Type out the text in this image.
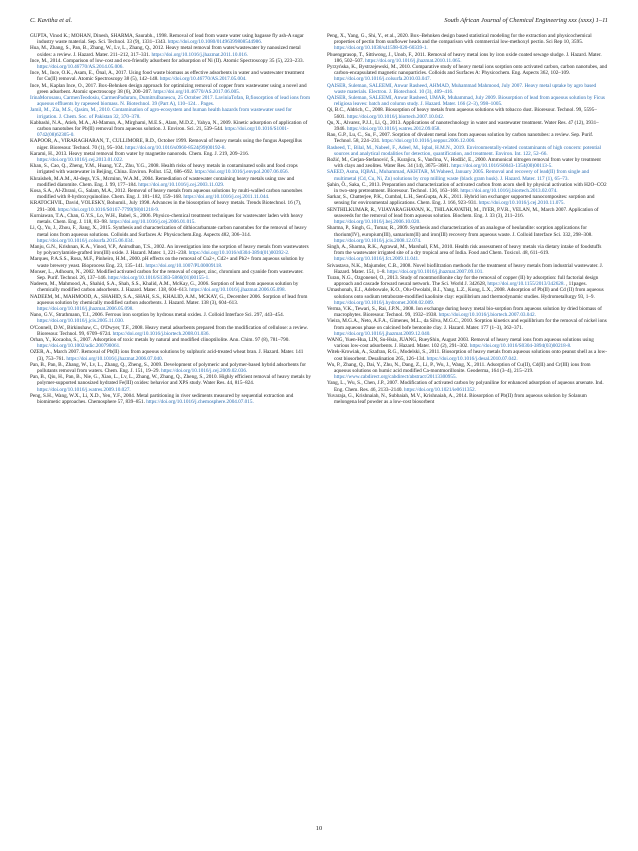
C. Kavitha et al.	South African Journal of Chemical Engineering xxx (xxxx) 1–11

GUPTA, Vinod K.; MOHAN, Dinesh, SHARMA, Saurabh., 1998. Removal of lead from waste water using bagasse fly ash-A sugar industry waste material. Sep. Sci. Technol. 33 (9), 1331–1343. https://doi.org/10.1080/01496399808544986.

Hua, M., Zhang, S., Pan, B., Zhang, W., Lv, L., Zhang, Q., 2012. Heavy metal removal from water/wastewater by nanosized metal oxides: a review. J. Hazard. Mater. 211–212, 317–331. https://doi.org/10.1016/j.jhazmat.2011.10.016.

Ince, M., 2014. Comparison of low-cost and eco-friendly adsorbent for adsorption of Ni (II). Atomic Spectroscopy 35 (5), 223–233. https://doi.org/10.46770/AS.2014.05.006.

Ince, M., Ince, O.K., Asam, E., Önal, A., 2017. Using food waste biomass as effective adsorbents in water and wastewater treatment for Cu(II) removal. Atomic Spectroscopy 38 (5), 142–148. https://doi.org/10.46770/AS.2017.05.004.

Ince, M., Kaplan Ince, O., 2017. Box-Behnken design approach for optimizing removal of copper from wastewater using a novel and green adsorbent. Atomic spectroscopy 38 (6), 200–207. https://doi.org/10.46770/AS.2017.06.005.

IrinaMorosanu, CarmenTeodosiu, CarmenPaduraru, DumitruIbanescu, 25 October 2017. LaviniaTofan, B,fiosorption of lead ions from aqueous effluents by rapeseed biomass. N. Biotechnol. 39 (Part A), 110–124. . Pages.

Jamil, M., Zia, M.S., Qasim, M., 2010. Contamination of agro-ecosystem and human health hazards from wastewater used for irrigation. J. Chem. Soc. of Pakistan 32, 370–378.

Kabbashi, N.A., Atieh, M.A., Al-Mamun, A., Mirghami, M.E.S., Alam, M.D.Z., Yahya, N., 2009. Kinetic adsorption of application of carbon nanotubes for Pb(II) removal from aqueous solution. J. Environ. Sci. 21, 539–544. https://doi.org/10.1016/S1001-0742(08)62305-0.

KAPOOR, A., VIRARAGHARAN, T., CULLIMORE, R.D., October 1999. Removal of heavy metals using the fungus Aspergillus niger. Bioresour. Technol. 70 (1), 95–104. https://doi.org/10.1016/s0960-8524(99)00192-8.

Karami, H., 2013. Heavy metal removal from water by magnetite nanorods. Chem. Eng. J. 219, 209–216. https://doi.org/10.1016/j.cej.2013.01.022.

Khan, S., Cao, Q., Zheng, Y.M., Huang, Y.Z., Zhu, Y.G., 2008. Health risks of heavy metals in contaminated soils and food crops irrigated with wastewater in Beijing, China. Environ. Pollut. 152, 686–692. https://doi.org/10.1016/j.envpol.2007.06.056.

Khraisheh, M.A.M., Al-degs, Y.S., Mcminn, W.A.M., 2004. Remediation of wastewater containing heavy metals using raw and modified diatomite. Chem. Eng. J. 99, 177–184. https://doi.org/10.1016/j.cej.2003.11.029.

Kosa, S.A., Al-Zhrani, G., Salam, M.A., 2012. Removal of heavy metals from aqueous solutions by multi-walled carbon nanotubes modified with 8-hydroxyquinoline. Chem. Eng. J. 181–182, 159–168. https://doi.org/10.1016/j.cej.2011.11.044.

KRATOCHVIL, David, VOLESKY, Bohumil., July 1998. Advances in the biosorption of heavy metals. Trends Biotechnol. 16 (7), 291–300. https://doi.org/10.1016/S0167-7799(98)01218-9.

Kurniawan, T.A., Chan, G.Y.S., Lo, W.H., Babel, S., 2006. Physico-chemical treatment techniques for wastewater laden with heavy metals. Chem. Eng. J. 118, 83–98. https://doi.org/10.1016/j.cej.2006.01.015.

Li, Q., Yu, J., Zhou, F., Jiang, X., 2015. Synthesis and characterization of dithiocarbamate carbon nanotubes for the removal of heavy metal ions from aqueous solutions. Colloids and Surfaces A: Physicochem.Eng. Aspects 482, 306–314. https://doi.org/10.1016/j.colsurfa.2015.06.034.

Manju, G.N., Krishnan, K.A., Vinod, V.P., Anirudhan, T.S., 2002. An investigation into the sorption of heavy metals from wastewaters by polyacrylamide-grafted iron(III) oxide. J. Hazard. Mater. 1, 221–238. https://doi.org/10.1016/s0304-3894(01)00392-2.

Marques, P.A.S.S., Rosa, M.F., Pinheiro, H.M., 2000. pH effects on the removal of Cu2+, Cd2+ and Pb2+ from aqueous solution by waste brewery yeast. Bioprocess Eng. 23, 135–141. https://doi.org/10.1007/PL00009118.

Monser, L., Adhoum, N., 2002. Modified activated carbon for the removal of copper, zinc, chromium and cyanide from wastewater. Sep. Purif. Technol. 26, 137–146. https://doi.org/10.1016/S1383-5866(01)00155-1.

Nadeem, M., Mahmood, A., Shahid, S.A., Shah, S.S., Khalid, A.M., McKay, G., 2006. Sorption of lead from aqueous solution by chemically modified carbon adsorbents. J. Hazard. Mater. 138, 604–613. https://doi.org/10.1016/j.jhazmat.2006.05.098.

NADEEM, M., MAHMOOD, A., SHAHID, S.A., SHAH, S.S., KHALID, A.M., MCKAY, G., December 2006. Sorption of lead from aqueous solution by chemically modified carbon adsorbents. J. Hazard. Mater. 138 (3), 604–613. https://doi.org/10.1016/j.jhazmat.2006.05.098.

Nano, G.V., Strathmann, T.J., 2006. Ferrous iron sorption by hydrous metal oxides. J. Colloid Interface Sci. 297, 443–454. https://doi.org/10.1016/j.jcis.2005.11.030.

O'Connell, D.W., Birkinshaw, C., O'Dwyer, T.F., 2008. Heavy metal adsorbents prepared from the modification of cellulose: a review. Bioresour. Technol. 99, 6709–6724. https://doi.org/10.1016/j.biortech.2008.01.036.

Orhan, Y., Kocaoba, S., 2007. Adsorption of toxic metals by natural and modified clinoptilolite. Ann. Chim. 97 (8), 781–790. https://doi.org/10.1002/adic.200790061.

OZER, A., March 2007. Removal of Pb(II) ions from aqueous solutions by sulphuric acid-treated wheat bran. J. Hazard. Mater. 141 (3), 753–761. https://doi.org/10.1016/j.jhazmat.2006.07.040.

Pan, B., Pan, B., Zhang, W., Lv, L., Zhang, Q., Zheng, S., 2009. Development of polymeric and polymer-based hybrid adsorbents for pollutants removal from waters. Chem. Eng. J. 151, 19–29. https://doi.org/10.1016/j.cej.2009.02.036.

Pan, B., Qiu, H., Pan, B., Nie, G., Xiao, L., Lv, L., Zhang, W., Zhang, Q., Zheng, S., 2010. Highly efficient removal of heavy metals by polymer-supported nanosized hydrated Fe(III) oxides: behavior and XPS study. Water Res. 44, 815–824. https://doi.org/10.1016/j.watres.2009.10.027.

Peng, S.H., Wang, W.X., Li, X.D., Yen, Y.F., 2004. Metal partitioning in river sediments measured by sequential extraction and biomimetic approaches. Chemosphere 57, 839–851. https://doi.org/10.1016/j.chemosphere.2004.07.015.

Peng, X., Yang, G., Shi, Y., et al., 2020. Box–Behnken design based statistical modeling for the extraction and physicochemical properties of pectin from sunflower heads and the comparison with commercial low-methoxyl pectin. Sci Rep 10, 3595. https://doi.org/10.1038/s41598-020-60339-1.

Phuengprasop, T., Sittiwong, J., Unob, F., 2011. Removal of heavy metal ions by iron oxide coated sewage sludge. J. Hazard. Mater. 186, 502–507. https://doi.org/10.1016/j.jhazmat.2010.11.065.

Pyrzyńska, K., Bystrzejewski, M., 2010. Comparative study of heavy metal ions sorption onto activated carbon, carbon nanotubes, and carbon-encapsulated magnetic nanoparticles. Colloids and Surfaces A: Physicochem. Eng. Aspects 362, 102–109. https://doi.org/10.1016/j.colsurfa.2010.03.047.

QAISER, Suleman, SALEEMI, Anwar Rasheed, AHMAD, Muhammad Mahmood, July 2007. Heavy metal uptake by agro based waste materials. Electron. J. Biotechnol. 10 (3), 409–416.

QAISER, Suleman, SALEEMI, Anwar Rasheed, UMAR, Muhammad, July 2009. Biosorption of lead from aqueous solution by Ficus religiosa leaves: batch and column study. J. Hazard. Mater. 166 (2–3), 998–1005.

Qi, B.C., Aldrich, C., 2008. Biosorption of heavy metals from aqueous solutions with tobacco dust. Bioresour. Technol. 99, 5595–5601. https://doi.org/10.1016/j.biortech.2007.10.042.

Qu, X., Alvarez, P.J.J., Li, Q., 2013. Applications of nanotechnology in water and wastewater treatment. Water Res. 47 (12), 3931–3946. https://doi.org/10.1016/j.watres.2012.09.058.

Rao, G.P., Lu, C., Su, F., 2007. Sorption of divalent metal ions from aqueous solution by carbon nanotubes: a review. Sep. Purif. Technol. 58, 224–231. https://doi.org/10.1016/j.seppur.2006.12.006.

Rasheed, T., Bilal, M., Nabeel, F., Adeel, M., Iqbal, H.M.N., 2019. Environmentally-related contaminants of high concern: potential sources and analytical modalities for detection, quantification, and treatment. Environ. Int. 122, 52–66.

Rožić, M., Cerjan-Stefanović, Š., Kurajica, S., Vančina, V., Hodžić, E., 2000. Ammonical nitrogen removal from water by treatment with clays and zeolites. Water Res. 34 (14), 3675–3681. https://doi.org/10.1016/S0043-1354(00)00113-5.

SAEED, Asma, IQBAL, Muhammad, AKHTAR, M.Waheed, January 2005. Removal and recovery of lead(II) from single and multimetal (Cd, Cu, Ni, Zn) solutions by crop milling waste (black gram husk). J. Hazard. Mater. 117 (1), 65–73.

Şahin, Ö., Saka, C., 2013. Preparation and characterization of activated carbon from acorn shell by physical activation with H2O–CO2 in two-step pretreatment. Bioresour. Technol. 136, 163–168. https://doi.org/10.1016/j.biortech.2013.02.074.

Sarkar, S., Chatterjee, P.K., Cumbal, L.H., SenGupta, A.K., 2011. Hybrid ion exchanger supported nanocomposites: sorption and sensing for environmental applications. Chem. Eng. J. 166, 923–931. https://doi.org/10.1016/j.cej.2010.11.075.

SENTHILKUMAR, R., VIJAYARAGHAVAN, K., THILAKAVATHI, M., IYER, P.V.R., VELAN, M., March 2007. Application of seaweeds for the removal of lead from aqueous solution. Biochem. Eng. J. 33 (3), 211–216. https://doi.org/10.1016/j.bej.2006.10.020.

Sharma, P., Singh, G., Tomar, R., 2009. Synthesis and characterization of an analogue of heulandite: sorption applications for thorium(IV), europium(III), samarium(II) and iron(III) recovery from aqueous waste. J. Colloid Interface Sci. 332, 298–308. https://doi.org/10.1016/j.jcis.2008.12.074.

Singh, A., Sharma, R.K., Agrawal, M., Marshall, F.M., 2010. Health risk assessment of heavy metals via dietary intake of foodstuffs from the wastewater irrigated site of a dry tropical area of India. Food and Chem. Toxicol. 48, 611–619. https://doi.org/10.1016/j.fct.2009.11.041.

Srivastava, N.K., Majumder, C.B., 2008. Novel biofiltration methods for the treatment of heavy metals from industrial wastewater. J. Hazard. Mater. 151, 1–8. https://doi.org/10.1016/j.jhazmat.2007.09.101.

Turan, N.G., Ozgonenel, O., 2013. Study of montmorillonite clay for the removal of copper (II) by adsorption: full factorial design approach and cascade forward neural network. The Sci. World J. 342628, https://doi.org/10.1155/2013/342628. , 11pages.

Umashonah, E.I., Adebowale, K.O., Olu-Owolabi, B.I., Yang, L.Z., Kong, L.X., 2008. Adsorption of Pb(II) and Cd (II) from aqueous solutions onto sodium tetraborate-modified kaolinite clay: equilibrium and thermodynamic studies. Hydrometallurgy 93, 1–9. https://doi.org/10.1016/j.hydromet.2008.02.009.

Verma, V.K., Tewari, S., Rai, J.P.N., 2008. Ion exchange during heavy metal bio-sorption from aqueous solution by dried biomass of macrophytes. Bioresour. Technol. 99, 1932–1938. https://doi.org/10.1016/j.biortech.2007.03.042.

Vieira, M.G.A., Neto, A.F.A., Gimenes, M.L., da Silva, M.G.C., 2010. Sorption kinetics and equilibrium for the removal of nickel ions from aqueous phase on calcined bofe bentonite clay. J. Hazard. Mater. 177 (1–3), 362–371. https://doi.org/10.1016/j.jhazmat.2009.12.040.

WANG, Yuen-Hua, LIN, Su-Hsia, JUANG, RueyShin, August 2003. Removal of heavy metal ions from aqueous solutions using various low-cost adsorbents. J. Hazard. Mater. 102 (2), 291–302. https://doi.org/10.1016/S0304-3894(03)00218-8.

Witek-Krowiak, A., Szafran, R.G., Modelski, S., 2011. Biosorption of heavy metals from aqueous solutions onto peanut shell as a low-cost biosorbent. Desalination 265, 126–134. https://doi.org/10.1016/j.desal.2010.07.042.

Wu, P., Zhang, Q., Dai, Y., Zhu, N., Dang, Z., Li, P., Wu, J., Wang, X., 2011. Adsorption of Cu(II), Cd(II) and Cr(III) ions from aqueous solutions on humic acid modified Ca-montmorillonite. Geoderma, 164 (3–4), 215–219. https://www.cabdirect.org/cabdirect/abstract/20113300955.

Yang, L., Wu, S., Chen, J.P., 2007. Modification of activated carbon by polyaniline for enhanced adsorption of aqueous arsenate. Ind. Eng. Chem. Res. 46, 2133–2140. https://doi.org/10.1021/ie0611352.

Yuvaraja, G., Krishnaiah, N., Subbaiah, M.V., Krishnaiah, A., 2014. Biosorption of Pb(II) from aqueous solution by Solanum melongena leaf powder as a low-cost biosorbent

10
